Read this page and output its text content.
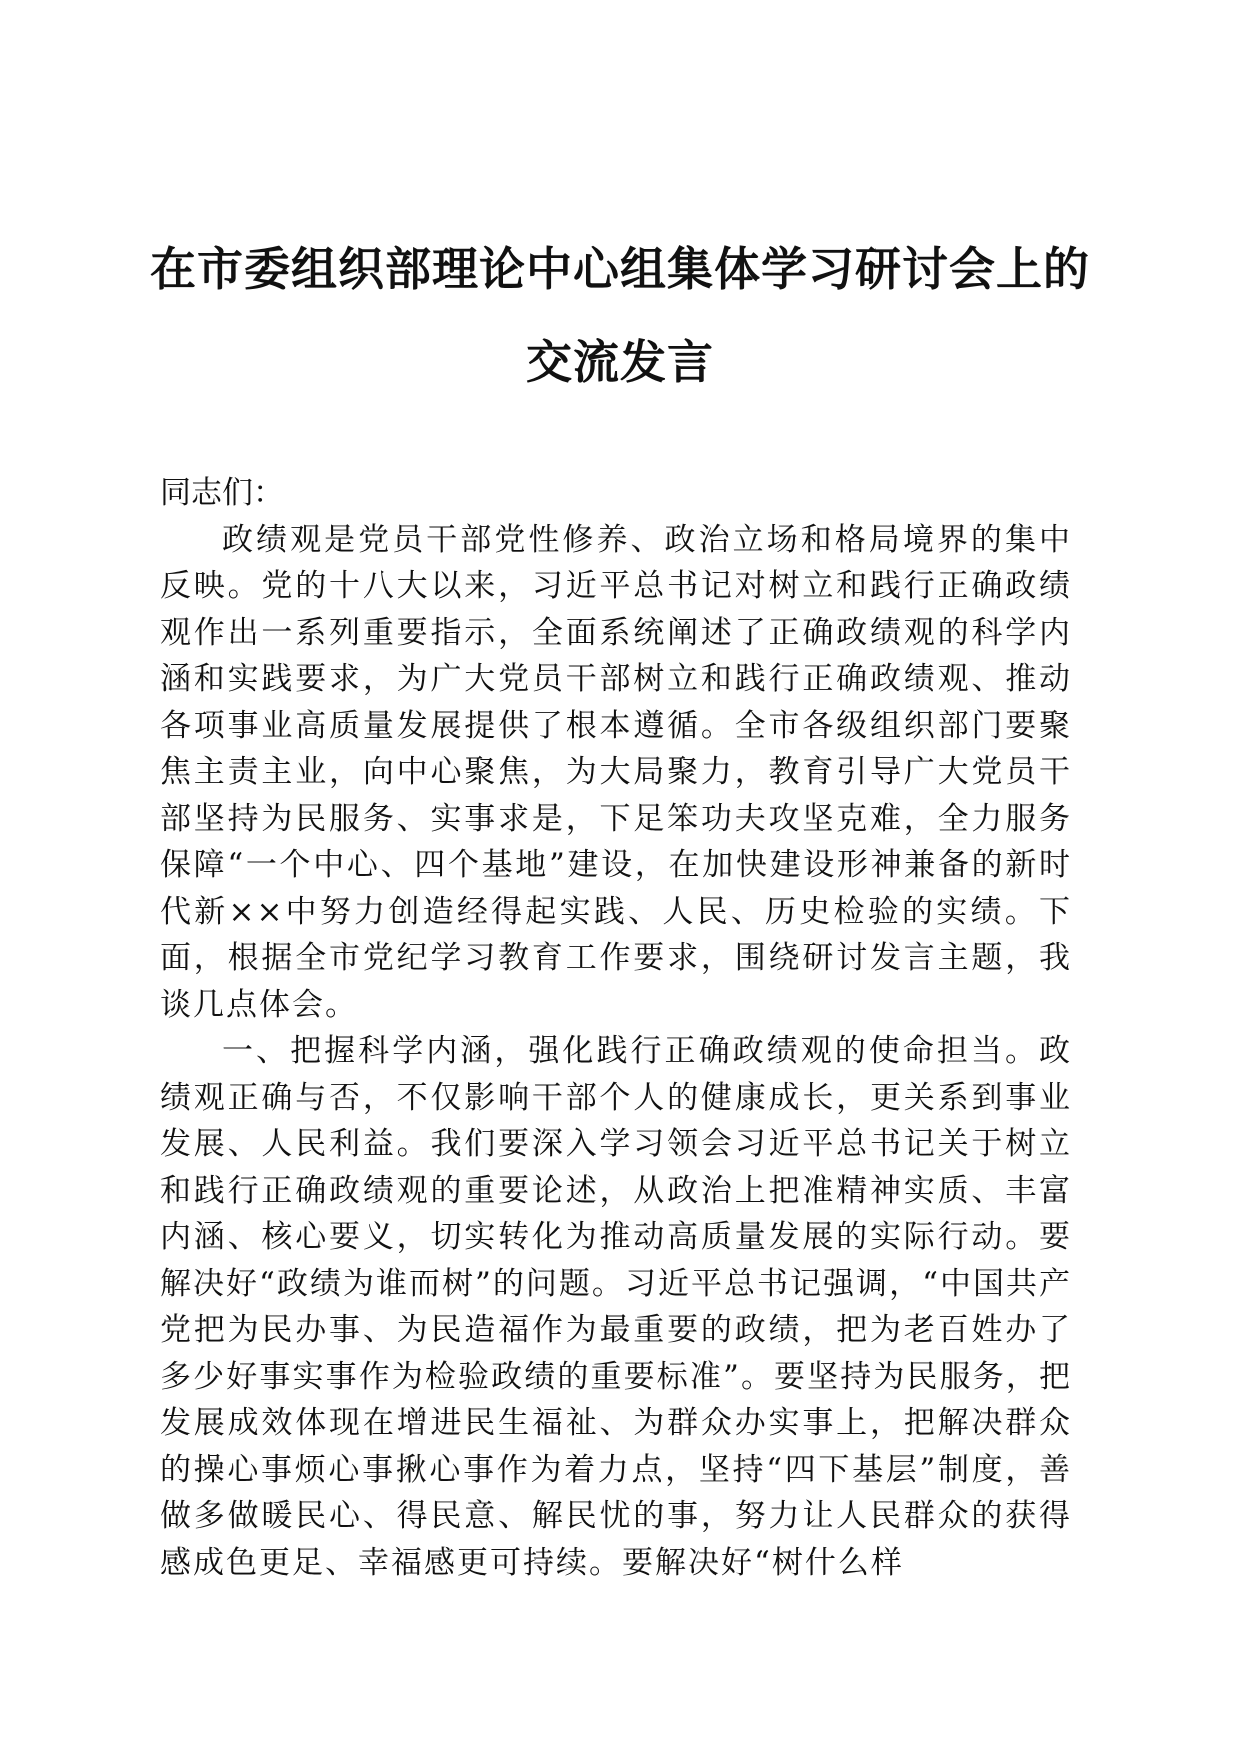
在市委组织部理论中心组集体学习研讨会上的
交流发言

同志们：

政绩观是党员干部党性修养、政治立场和格局境界的集中反映。党的十八大以来，习近平总书记对树立和践行正确政绩观作出一系列重要指示，全面系统阐述了正确政绩观的科学内涵和实践要求，为广大党员干部树立和践行正确政绩观、推动各项事业高质量发展提供了根本遵循。全市各级组织部门要聚焦主责主业，向中心聚焦，为大局聚力，教育引导广大党员干部坚持为民服务、实事求是，下足笨功夫攻坚克难，全力服务保障“一个中心、四个基地”建设，在加快建设形神兼备的新时代新××中努力创造经得起实践、人民、历史检验的实绩。下面，根据全市党纪学习教育工作要求，围绕研讨发言主题，我谈几点体会。

一、把握科学内涵，强化践行正确政绩观的使命担当。政绩观正确与否，不仅影响干部个人的健康成长，更关系到事业发展、人民利益。我们要深入学习领会习近平总书记关于树立和践行正确政绩观的重要论述，从政治上把准精神实质、丰富内涵、核心要义，切实转化为推动高质量发展的实际行动。要解决好“政绩为谁而树”的问题。习近平总书记强调，“中国共产党把为民办事、为民造福作为最重要的政绩，把为老百姓办了多少好事实事作为检验政绩的重要标准”。要坚持为民服务，把发展成效体现在增进民生福祉、为群众办实事上，把解决群众的操心事烦心事揪心事作为着力点，坚持“四下基层”制度，善做多做暖民心、得民意、解民忧的事，努力让人民群众的获得感成色更足、幸福感更可持续。要解决好“树什么样
